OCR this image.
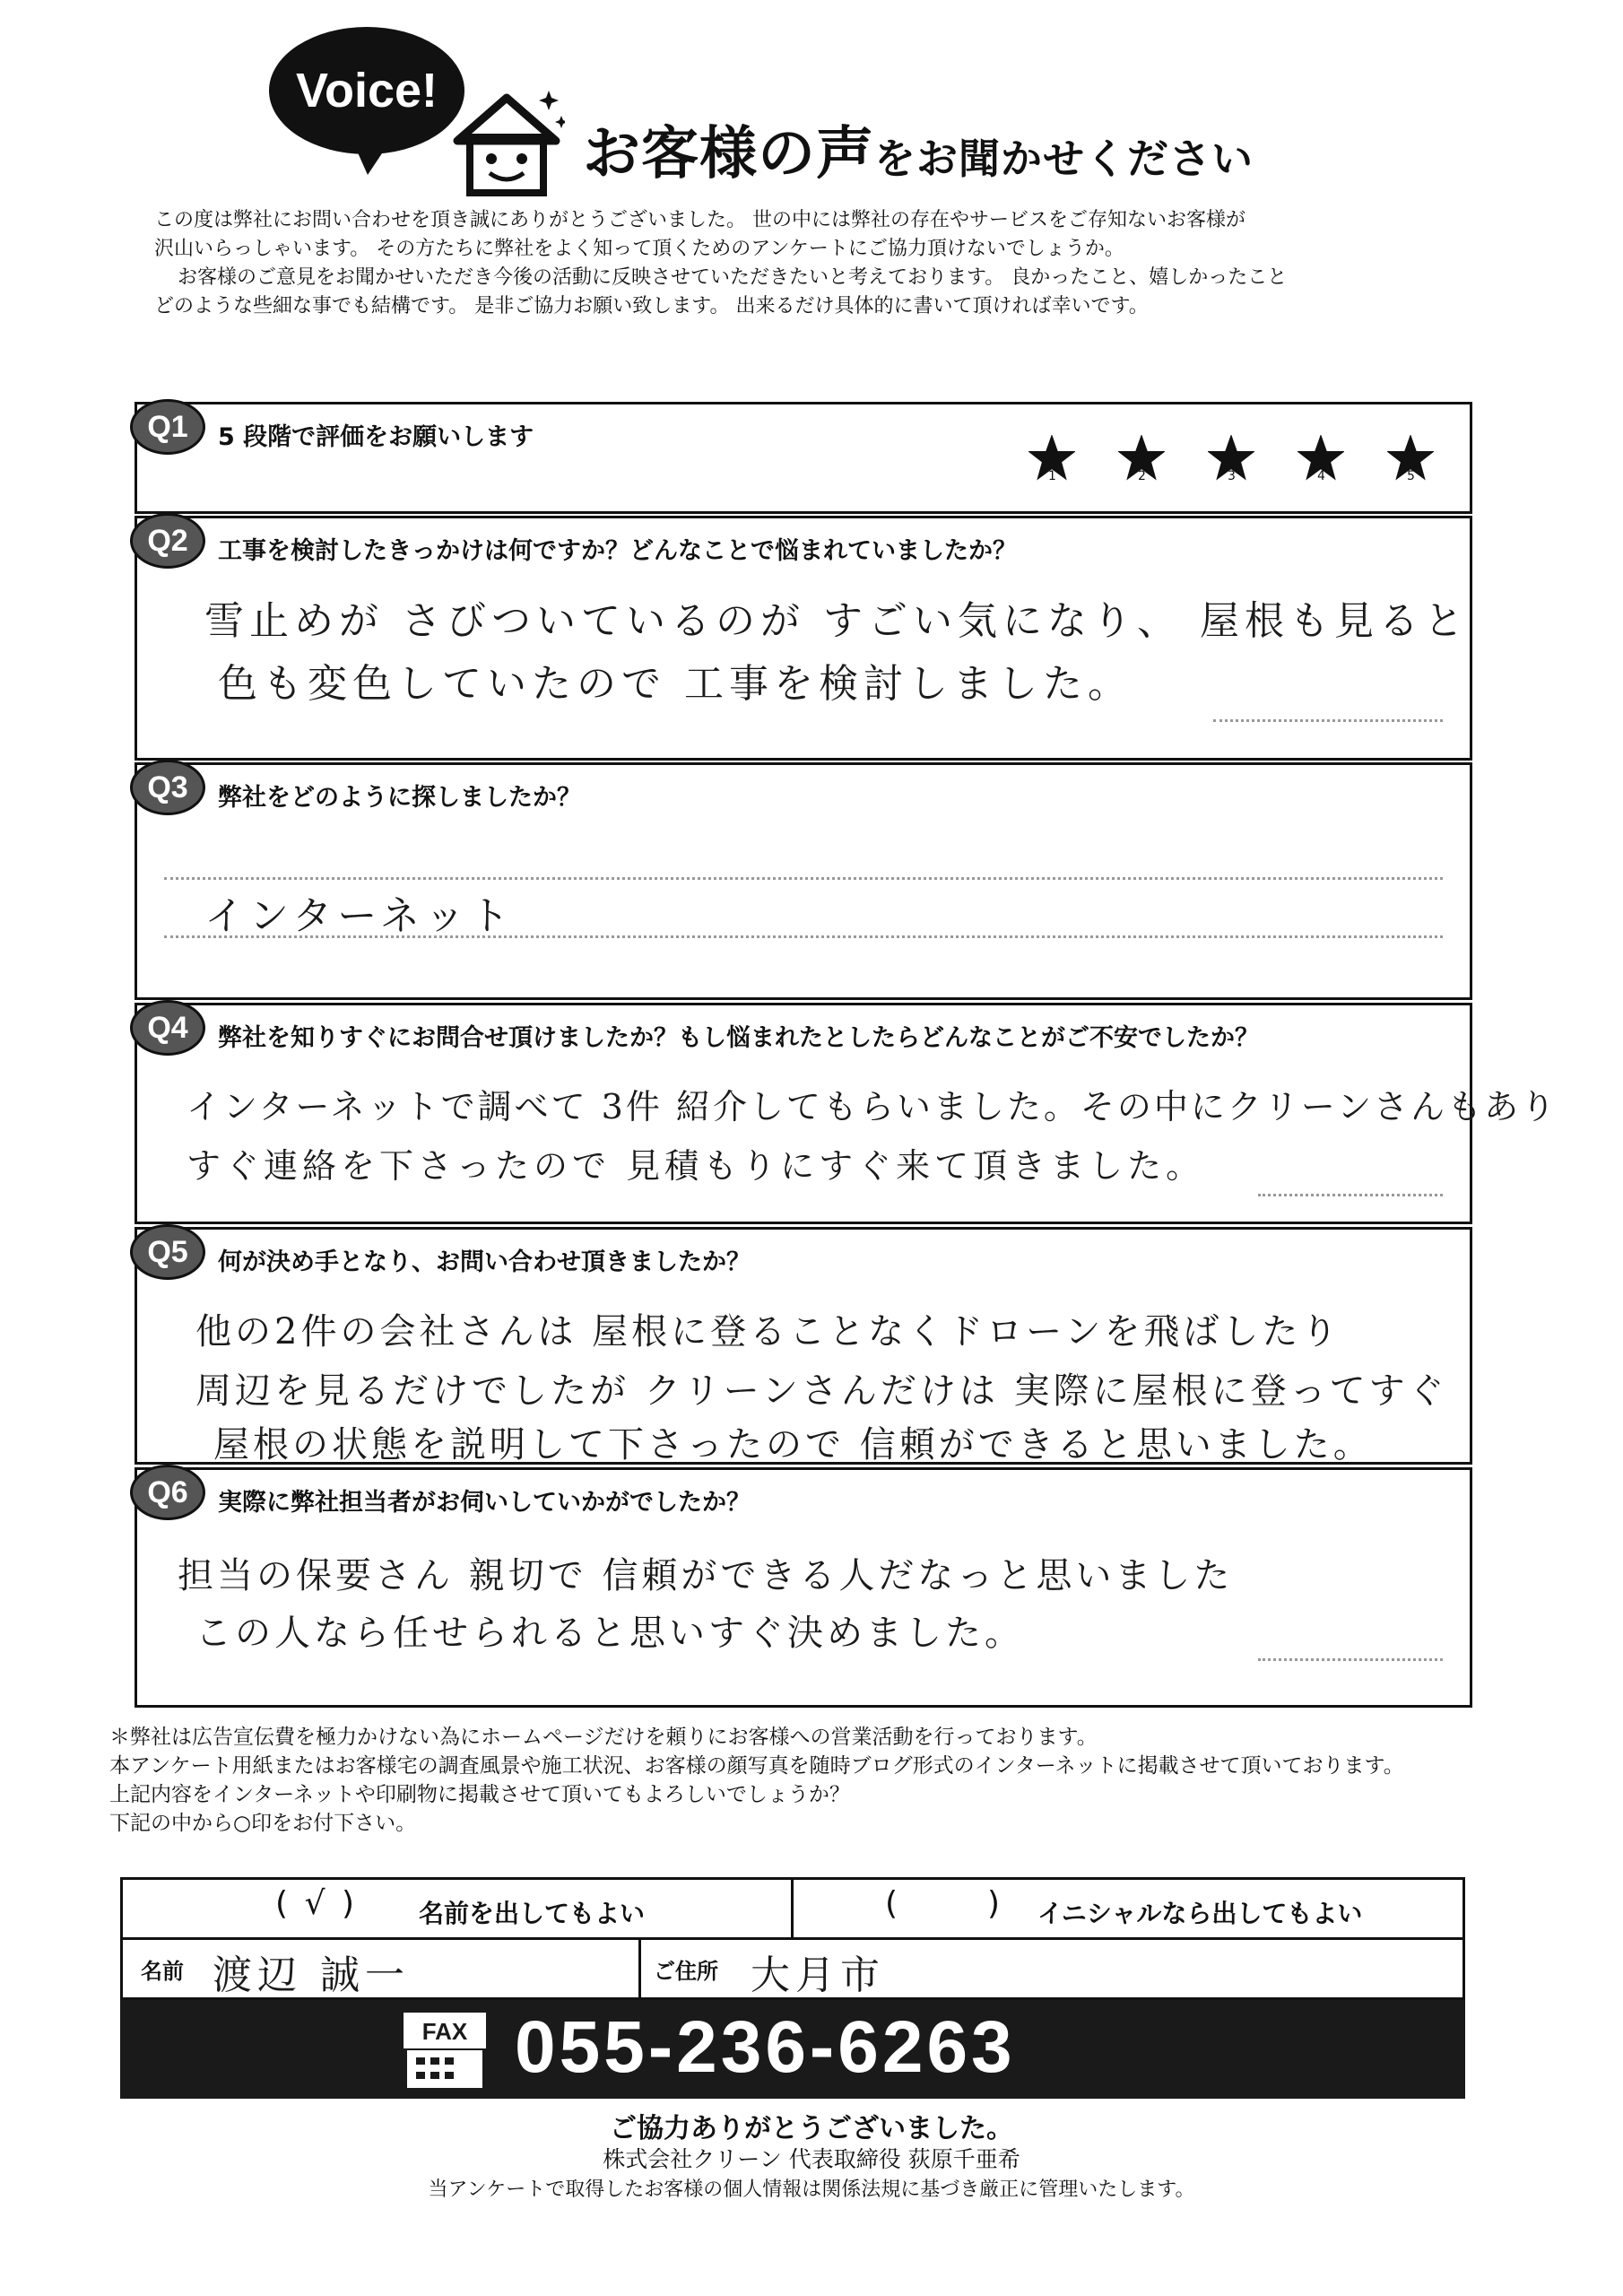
Voice!
お客様の声をお聞かせください
この度は弊社にお問い合わせを頂き誠にありがとうございました。 世の中には弊社の存在やサービスをご存知ないお客様が
沢山いらっしゃいます。 その方たちに弊社をよく知って頂くためのアンケートにご協力頂けないでしょうか。
お客様のご意見をお聞かせいただき今後の活動に反映させていただきたいと考えております。 良かったこと、嬉しかったこと
どのような些細な事でも結構です。 是非ご協力お願い致します。 出来るだけ具体的に書いて頂ければ幸いです。
Q1	5 段階で評価をお願いします
1	2	3	4	5
Q2	工事を検討したきっかけは何ですか？どんなことで悩まれていましたか？
雪止めが さびついているのが すごい気になり、 屋根も見ると
色も変色していたので 工事を検討しました。
Q3	弊社をどのように探しましたか？
インターネット
Q4	弊社を知りすぐにお問合せ頂けましたか？もし悩まれたとしたらどんなことがご不安でしたか？
インターネットで調べて 3件 紹介してもらいました。その中にクリーンさんもあり
すぐ連絡を下さったので 見積もりにすぐ来て頂きました。
Q5	何が決め手となり、お問い合わせ頂きましたか？
他の2件の会社さんは 屋根に登ることなくドローンを飛ばしたり
周辺を見るだけでしたが クリーンさんだけは 実際に屋根に登ってすぐ
屋根の状態を説明して下さったので 信頼ができると思いました。
Q6	実際に弊社担当者がお伺いしていかがでしたか？
担当の保要さん 親切で 信頼ができる人だなっと思いました
この人なら任せられると思いすぐ決めました。
＊弊社は広告宣伝費を極力かけない為にホームページだけを頼りにお客様への営業活動を行っております。
本アンケート用紙またはお客様宅の調査風景や施工状況、お客様の顔写真を随時ブログ形式のインターネットに掲載させて頂いております。
上記内容をインターネットや印刷物に掲載させて頂いてもよろしいでしょうか？
下記の中から○印をお付下さい。
( √ )	名前を出してもよい	(	) イニシャルなら出してもよい
名前 渡辺 誠一	ご住所 大月市
FAX 055-236-6263
ご協力ありがとうございました。
株式会社クリーン 代表取締役 荻原千亜希
当アンケートで取得したお客様の個人情報は関係法規に基づき厳正に管理いたします。
